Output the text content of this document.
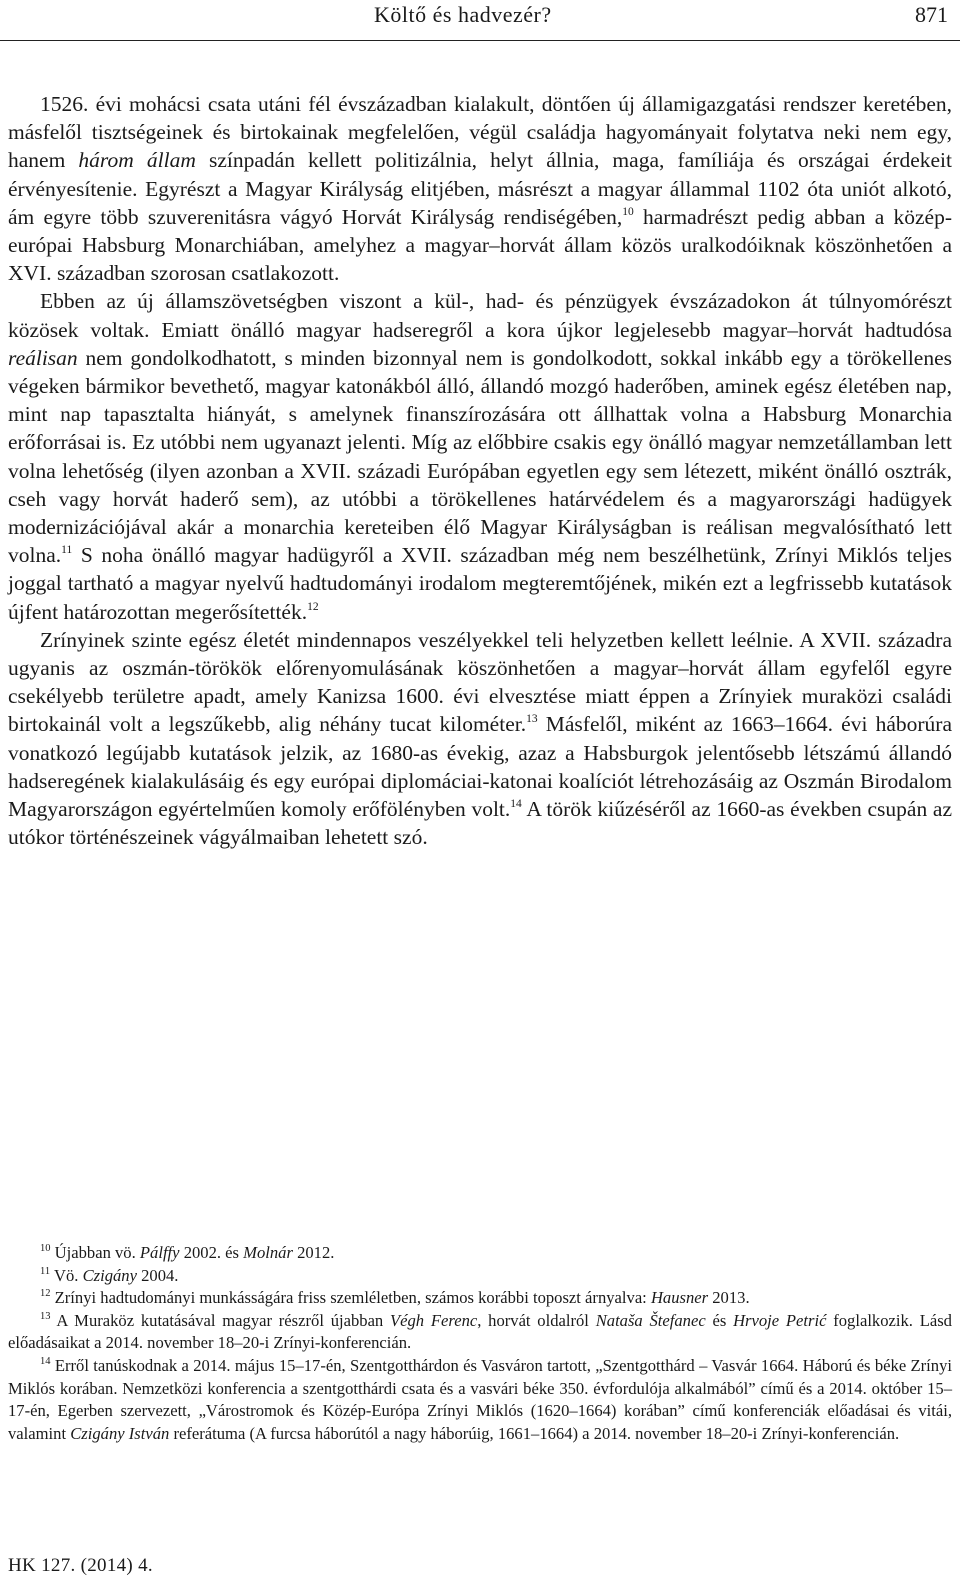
Költő és hadvezér?	871

1526. évi mohácsi csata utáni fél évszázadban kialakult, döntően új államigazgatási rendszer keretében, másfelől tisztségeinek és birtokainak megfelelően, végül családja hagyományait folytatva neki nem egy, hanem három állam színpadán kellett politizálnia, helyt állnia, maga, famíliája és országai érdekeit érvényesítenie. Egyrészt a Magyar Királyság elitjében, másrészt a magyar állammal 1102 óta uniót alkotó, ám egyre több szuverenitásra vágyó Horvát Királyság rendiségében,$^{10}$ harmadrészt pedig abban a közép-európai Habsburg Monarchiában, amelyhez a magyar–horvát állam közös uralkodóiknak köszönhetően a XVI. században szorosan csatlakozott.

Ebben az új államszövetségben viszont a kül-, had- és pénzügyek évszázadokon át túlnyomórészt közösek voltak. Emiatt önálló magyar hadseregről a kora újkor legjelesebb magyar–horvát hadtudósa reálisan nem gondolkodhatott, s minden bizonnyal nem is gondolkodott, sokkal inkább egy a törökellenes végeken bármikor bevethető, magyar katonákból álló, állandó mozgó haderőben, aminek egész életében nap, mint nap tapasztalta hiányát, s amelynek finanszírozására ott állhattak volna a Habsburg Monarchia erőforrásai is. Ez utóbbi nem ugyanazt jelenti. Míg az előbbire csakis egy önálló magyar nemzetállamban lett volna lehetőség (ilyen azonban a XVII. századi Európában egyetlen egy sem létezett, miként önálló osztrák, cseh vagy horvát haderő sem), az utóbbi a törökellenes határvédelem és a magyarországi hadügyek modernizációjával akár a monarchia kereteiben élő Magyar Királyságban is reálisan megvalósítható lett volna.$^{11}$ S noha önálló magyar hadügyről a XVII. században még nem beszélhetünk, Zrínyi Miklós teljes joggal tartható a magyar nyelvű hadtudományi irodalom megteremtőjének, mikén ezt a legfrissebb kutatások újfent határozottan megerősítették.$^{12}$

Zrínyinek szinte egész életét mindennapos veszélyekkel teli helyzetben kellett leélnie. A XVII. századra ugyanis az oszmán-törökök előrenyomulásának köszönhetően a magyar–horvát állam egyfelől egyre csekélyebb területre apadt, amely Kanizsa 1600. évi elvesztése miatt éppen a Zrínyiek muraközi családi birtokainál volt a legszűkebb, alig néhány tucat kilométer.$^{13}$ Másfelől, miként az 1663–1664. évi háborúra vonatkozó legújabb kutatások jelzik, az 1680-as évekig, azaz a Habsburgok jelentősebb létszámú állandó hadseregének kialakulásáig és egy európai diplomáciai-katonai koalíciót létrehozásáig az Oszmán Birodalom Magyarországon egyértelműen komoly erőfölényben volt.$^{14}$ A török kiűzéséről az 1660-as években csupán az utókor történészeinek vágyálmaiban lehetett szó.

$^{10}$ Újabban vö. Pálffy 2002. és Molnár 2012.

$^{11}$ Vö. Czigány 2004.

$^{12}$ Zrínyi hadtudományi munkásságára friss szemléletben, számos korábbi toposzt árnyalva: Hausner 2013.

$^{13}$ A Muraköz kutatásával magyar részről újabban Végh Ferenc, horvát oldalról Nataša Štefanec és Hrvoje Petrić foglalkozik. Lásd előadásaikat a 2014. november 18–20-i Zrínyi-konferencián.

$^{14}$ Erről tanúskodnak a 2014. május 15–17-én, Szentgotthárdon és Vasváron tartott, „Szentgotthárd – Vasvár 1664. Háború és béke Zrínyi Miklós korában. Nemzetközi konferencia a szentgotthárdi csata és a vasvári béke 350. évfordulója alkalmából” című és a 2014. október 15–17-én, Egerben szervezett, „Várostromok és Közép-Európa Zrínyi Miklós (1620–1664) korában” című konferenciák előadásai és vitái, valamint Czigány István referátuma (A furcsa háborútól a nagy háborúig, 1661–1664) a 2014. november 18–20-i Zrínyi-konferencián.

HK 127. (2014) 4.
